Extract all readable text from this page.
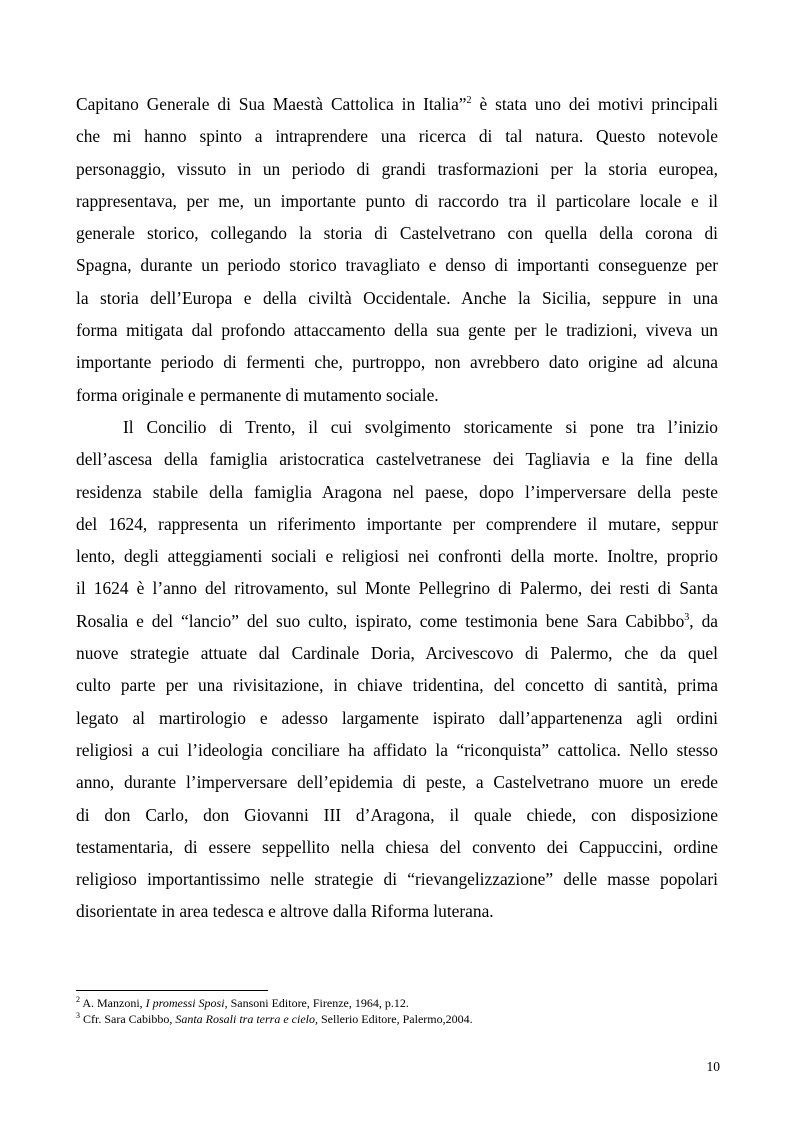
Capitano Generale di Sua Maestà Cattolica in Italia”$^2$ è stata uno dei motivi principali
che mi hanno spinto a intraprendere una ricerca di tal natura. Questo notevole
personaggio, vissuto in un periodo di grandi trasformazioni per la storia europea,
rappresentava, per me, un importante punto di raccordo tra il particolare locale e il
generale storico, collegando la storia di Castelvetrano con quella della corona di
Spagna, durante un periodo storico travagliato e denso di importanti conseguenze per
la storia dell’Europa e della civiltà Occidentale. Anche la Sicilia, seppure in una
forma mitigata dal profondo attaccamento della sua gente per le tradizioni, viveva un
importante periodo di fermenti che, purtroppo, non avrebbero dato origine ad alcuna
forma originale e permanente di mutamento sociale.
Il Concilio di Trento, il cui svolgimento storicamente si pone tra l’inizio
dell’ascesa della famiglia aristocratica castelvetranese dei Tagliavia e la fine della
residenza stabile della famiglia Aragona nel paese, dopo l’imperversare della peste
del 1624, rappresenta un riferimento importante per comprendere il mutare, seppur
lento, degli atteggiamenti sociali e religiosi nei confronti della morte. Inoltre, proprio
il 1624 è l’anno del ritrovamento, sul Monte Pellegrino di Palermo, dei resti di Santa
Rosalia e del “lancio” del suo culto, ispirato, come testimonia bene Sara Cabibbo$^3$, da
nuove strategie attuate dal Cardinale Doria, Arcivescovo di Palermo, che da quel
culto parte per una rivisitazione, in chiave tridentina, del concetto di santità, prima
legato al martirologio e adesso largamente ispirato dall’appartenenza agli ordini
religiosi a cui l’ideologia conciliare ha affidato la “riconquista” cattolica. Nello stesso
anno, durante l’imperversare dell’epidemia di peste, a Castelvetrano muore un erede
di don Carlo, don Giovanni III d’Aragona, il quale chiede, con disposizione
testamentaria, di essere seppellito nella chiesa del convento dei Cappuccini, ordine
religioso importantissimo nelle strategie di “rievangelizzazione” delle masse popolari
disorientate in area tedesca e altrove dalla Riforma luterana.
$^2$ A. Manzoni, I promessi Sposi, Sansoni Editore, Firenze, 1964, p.12.
$^3$ Cfr. Sara Cabibbo, Santa Rosali tra terra e cielo, Sellerio Editore, Palermo,2004.
10
